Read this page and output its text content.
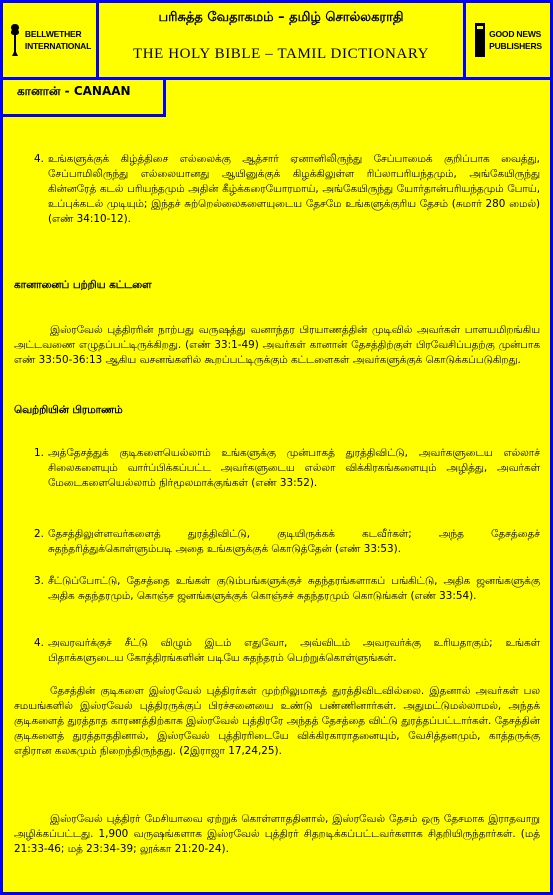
BELLWETHER
INTERNATIONAL
பரிசுத்த வேதாகமம் – தமிழ் சொல்லகராதி
THE HOLY BIBLE – TAMIL DICTIONARY
GOOD NEWS
PUBLISHERS
கானான் - CANAAN
4. உங்களுக்குக் கிழ்த்திசை எல்லைக்கு ஆத்சார் ஏனானிலிருந்து சேப்பாமைக் குறிப்பாக வைத்து, சேப்பாமிலிருந்து எல்லையானது ஆயினுக்குக் கிழக்கிலுள்ள ரிப்லாபரியந்தமும், அங்கேயிருந்து கின்னரேத் கடல் பரியந்தமும் அதின் கீழ்க்கரையோரமாய், அங்கேயிருந்து யோர்தான்பரியந்தமும் போய், உப்புக்கடல் முடியும்; இந்தச் சுற்றெல்லைகளையுடைய தேசமே உங்களுக்குரிய தேசம் (சுமார் 280 மைல்) (எண் 34:10-12).
கானானைப் பற்றிய கட்டளை
இஸ்ரவேல் புத்திரரின் நாற்பது வருஷத்து வனாந்தர பிரயாணத்தின் முடிவில் அவர்கள் பாளயமிறங்கிய அட்டவணை எழுதப்பட்டிருக்கிறது. (எண் 33:1-49) அவர்கள் கானான் தேசத்திற்குள் பிரவேசிப்பதற்கு முன்பாக எண் 33:50-36:13 ஆகிய வசனங்களில் கூறப்பட்டிருக்கும் கட்டளைகள் அவர்களுக்குக் கொடுக்கப்படுகிறது.
வெற்றியின் பிரமாணம்
1. அத்தேசத்துக் குடிகளையெல்லாம் உங்களுக்கு முன்பாகத் துரத்திவிட்டு, அவர்களுடைய எல்லாச் சிலைகளையும் வார்ப்பிக்கப்பட்ட அவர்களுடைய எல்லா விக்கிரகங்களையும் அழித்து, அவர்கள் மேடைகளையெல்லாம் நிர்மூலமாக்குங்கள் (எண் 33:52).
2. தேசத்திலுள்ளவர்களைத் துரத்திவிட்டு, குடியிருக்கக் கடவீர்கள்; அந்த தேசத்தைச் சுதந்தரித்துக்கொள்ளும்படி அதை உங்களுக்குக் கொடுத்தேன் (எண் 33:53).
3. சீட்டுப்போட்டு, தேசத்தை உங்கள் குடும்பங்களுக்குச் சுதந்தரங்களாகப் பங்கிட்டு, அதிக ஜனங்களுக்கு அதிக சுதந்தரமும், கொஞ்ச ஜனங்களுக்குக் கொஞ்சச் சுதந்தரமும் கொடுங்கள் (எண் 33:54).
4. அவரவர்க்குச் சீட்டு விழும் இடம் எதுவோ, அவ்விடம் அவரவர்க்கு உரியதாகும்; உங்கள் பிதாக்களுடைய கோத்திரங்களின் படியே சுதந்தரம் பெற்றுக்கொள்ளுங்கள்.
தேசத்தின் குடிகளை இஸ்ரவேல் புத்திரர்கள் முற்றிலுமாகத் துரத்திவிடவில்லை. இதனால் அவர்கள் பல சமயங்களில் இஸ்ரவேல் புத்திரருக்குப் பிரச்சனையை உண்டு பண்ணினார்கள். அதுமட்டுமல்லாமல், அந்தக் குடிகளைத் துரத்தாத காரணத்திற்காக இஸ்ரவேல் புத்திரரே அந்தத் தேசத்தை விட்டு துரத்தப்பட்டார்கள். தேசத்தின் குடிகளைத் துரத்தாததினால், இஸ்ரவேல் புத்திரரிடையே விக்கிரகாராதனையும், வேசித்தனமும், காத்தருக்கு எதிரான கலகமும் நிறைந்திருந்தது. (2இராஜா 17,24,25).
இஸ்ரவேல் புத்திரர் மேசியாவை ஏற்றுக் கொள்ளாததினால், இஸ்ரவேல் தேசம் ஒரு தேசமாக இராதவாறு அழிக்கப்பட்டது. 1,900 வருஷங்களாக இஸ்ரவேல் புத்திரர் சிதறடிக்கப்பட்டவர்களாக சிதறியிருந்தார்கள். (மத் 21:33-46; மத் 23:34-39; லூக்கா 21:20-24).
